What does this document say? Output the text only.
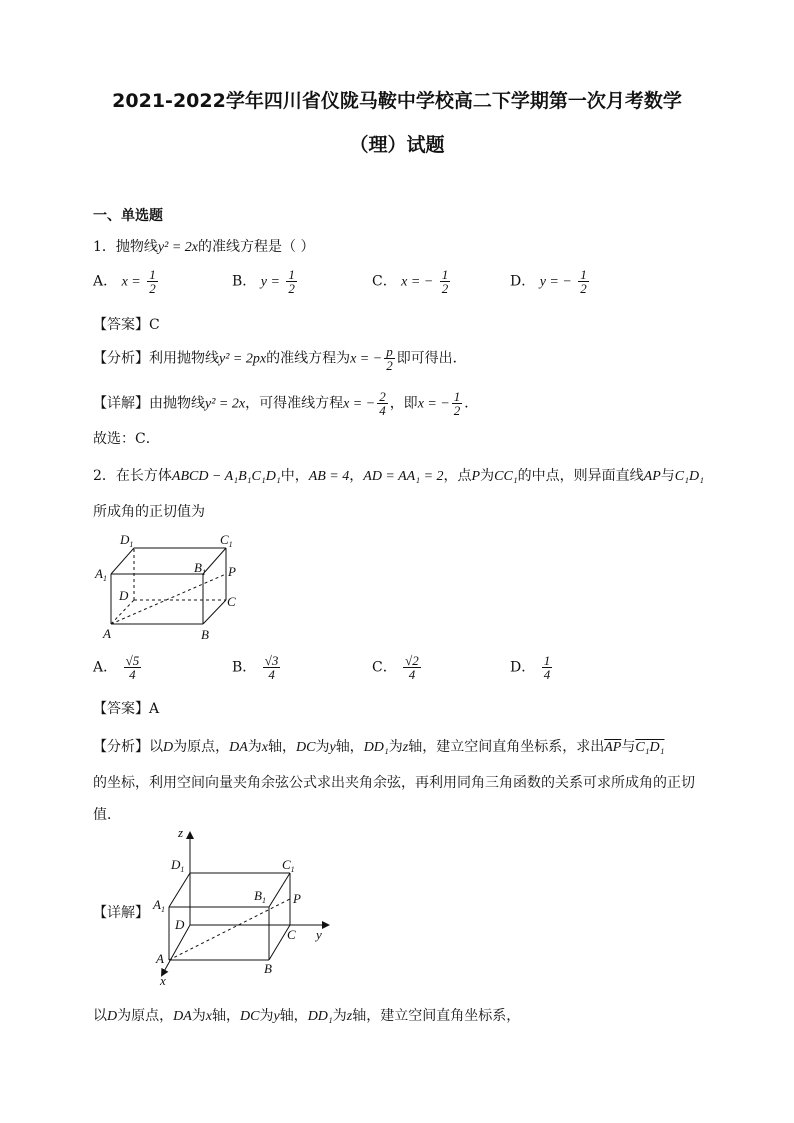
2021-2022学年四川省仪陇马鞍中学校高二下学期第一次月考数学
（理）试题
一、单选题
1．抛物线y² = 2x的准线方程是（ ）
A． $x = \frac{1}{2}$	B． $y = \frac{1}{2}$	C． x = − $\frac{1}{2}$	D． y = − $\frac{1}{2}$
【答案】C
【分析】利用抛物线y² = 2px的准线方程为x = − $\frac{p}{2}$ 即可得出．
【详解】由抛物线y² = 2x，可得准线方程x = − $\frac{2}{4}$ ，即x = − $\frac{1}{2}$ ．
故选：C．
2．在长方体ABCD − A₁B₁C₁D₁中，AB = 4，AD = AA₁ = 2，点P为CC₁的中点，则异面直线AP与C₁D₁
所成角的正切值为
$D_1$	$C_1$
$A_1$
$B_1$ P
D	C
A	B
A． $\frac{√5}{4}$	B． $\frac{√3}{4}$	C． $\frac{√2}{4}$	D． $\frac{1}{4}$
【答案】A
【分析】以D为原点，DA为x轴，DC为y轴，DD₁为z轴，建立空间直角坐标系，求出$\overline{AP}$与C₁D₁
的坐标，利用空间向量夹角余弦公式求出夹角余弦，再利用同角三角函数的关系可求所成角的正切
值．
【详解】
z
y
x
$D_1$	$C_1$
$A_1$
$B_1$ P
D
C
A
B
以D为原点，DA为x轴，DC为y轴，DD₁为z轴，建立空间直角坐标系，
